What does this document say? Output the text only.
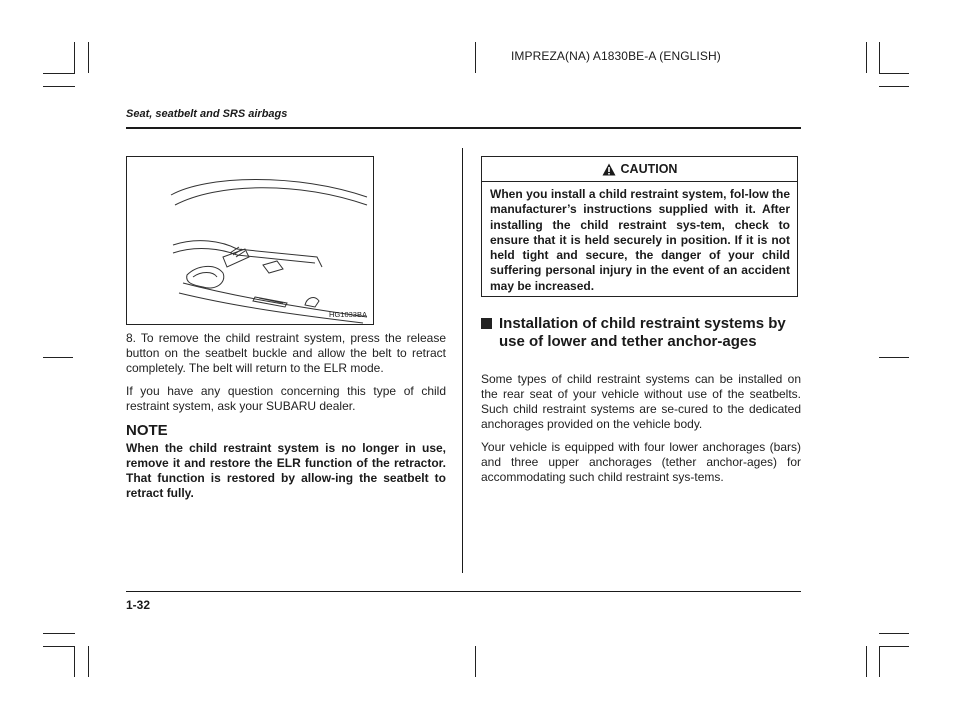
IMPREZA(NA) A1830BE-A (ENGLISH)
Seat, seatbelt and SRS airbags
HG1033BA

8. To remove the child restraint system, press the release button on the seatbelt buckle and allow the belt to retract completely. The belt will return to the ELR mode.

If you have any question concerning this type of child restraint system, ask your SUBARU dealer.

NOTE

When the child restraint system is no longer in use, remove it and restore the ELR function of the retractor. That function is restored by allow-ing the seatbelt to retract fully.

CAUTION
When you install a child restraint system, fol-low the manufacturer’s instructions supplied with it. After installing the child restraint sys-tem, check to ensure that it is held securely in position. If it is not held tight and secure, the danger of your child suffering personal injury in the event of an accident may be increased.
Installation of child restraint systems by use of lower and tether anchor-ages

Some types of child restraint systems can be installed on the rear seat of your vehicle without use of the seatbelts. Such child restraint systems are se-cured to the dedicated anchorages provided on the vehicle body.

Your vehicle is equipped with four lower anchorages (bars) and three upper anchorages (tether anchor-ages) for accommodating such child restraint sys-tems.

1-32
